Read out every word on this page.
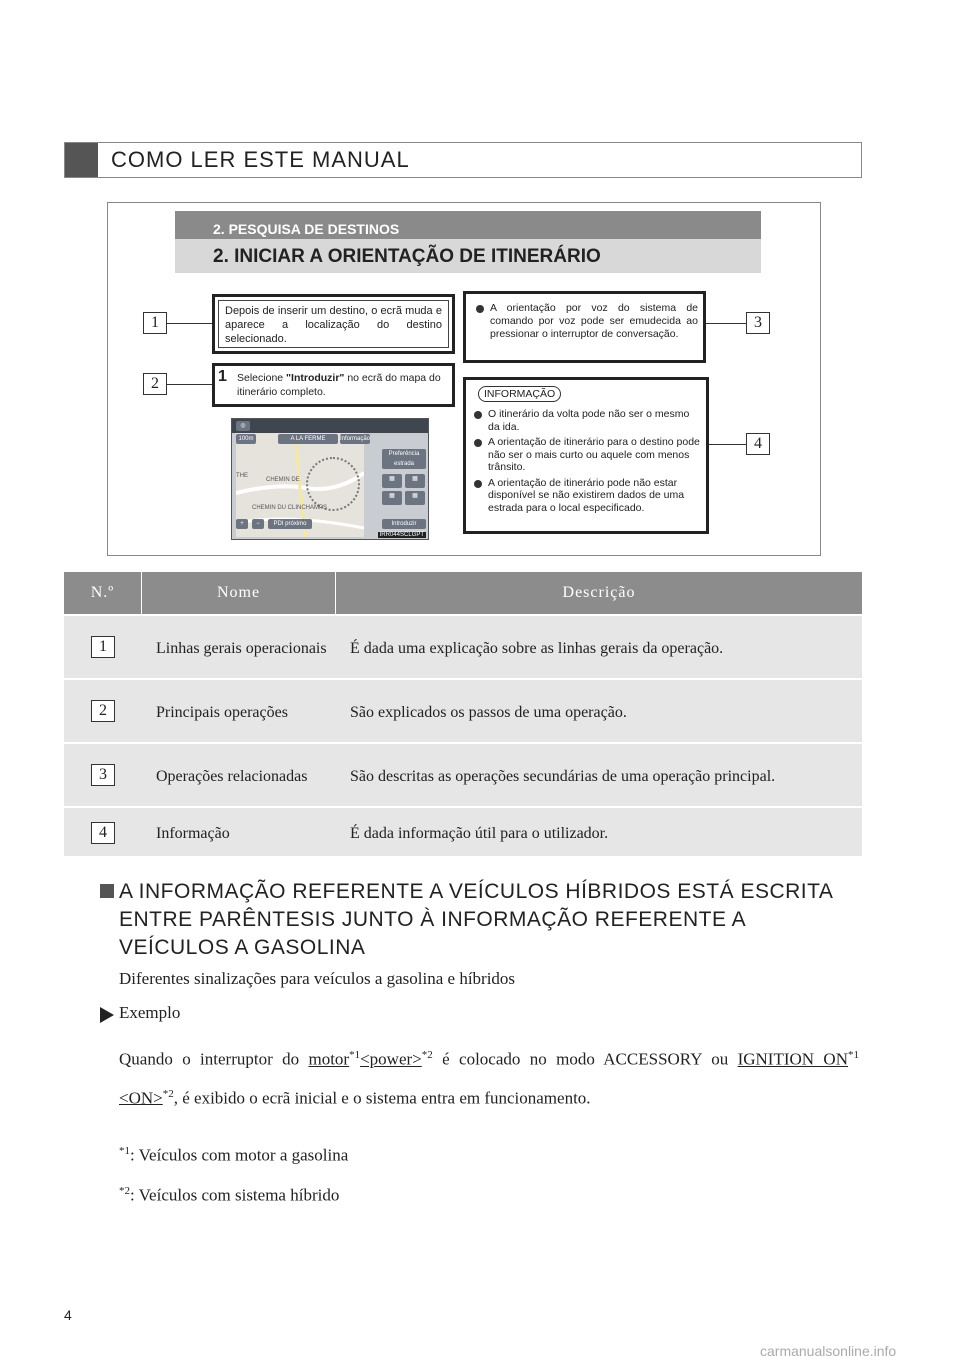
COMO LER ESTE MANUAL
2. PESQUISA DE DESTINOS
2. INICIAR A ORIENTAÇÃO DE ITINERÁRIO
Depois de inserir um destino, o ecrã muda e aparece a localização do destino selecionado.
1 Selecione "Introduzir" no ecrã do mapa do itinerário completo.
A orientação por voz do sistema de comando por voz pode ser emudecida ao pressionar o interruptor de conversação.
INFORMAÇÃO
O itinerário da volta pode não ser o mesmo da ida.
A orientação de itinerário para o destino pode não ser o mais curto ou aquele com menos trânsito.
A orientação de itinerário pode não estar disponível se não existirem dados de uma estrada para o local especificado.
◎
100m	A LA FERME	Informação
Preferência estrada
▦	▦
▦	▦
+	−	PDI próximo	Introduzir
CHEMIN DE
CHEMIN DU CLINCHAMPS
THE
IRR044SCLGPT
1
2
3
4
N.º	Nome	Descrição
1	Linhas gerais operacionais	É dada uma explicação sobre as linhas gerais da operação.
2	Principais operações	São explicados os passos de uma operação.
3	Operações relacionadas	São descritas as operações secundárias de uma operação principal.
4	Informação	É dada informação útil para o utilizador.
A INFORMAÇÃO REFERENTE A VEÍCULOS HÍBRIDOS ESTÁ ESCRITA ENTRE PARÊNTESIS JUNTO À INFORMAÇÃO REFERENTE A VEÍCULOS A GASOLINA
Diferentes sinalizações para veículos a gasolina e híbridos
Exemplo
Quando o interruptor do motor$^{*1}$<power>$^{*2}$ é colocado no modo ACCESSORY ou IGNITION $ON^{*1} <ON>^{*2}$, é exibido o ecrã inicial e o sistema entra em funcionamento.
$^{*1}$: Veículos com motor a gasolina
$^{*2}$: Veículos com sistema híbrido
4
carmanualsonline.info
